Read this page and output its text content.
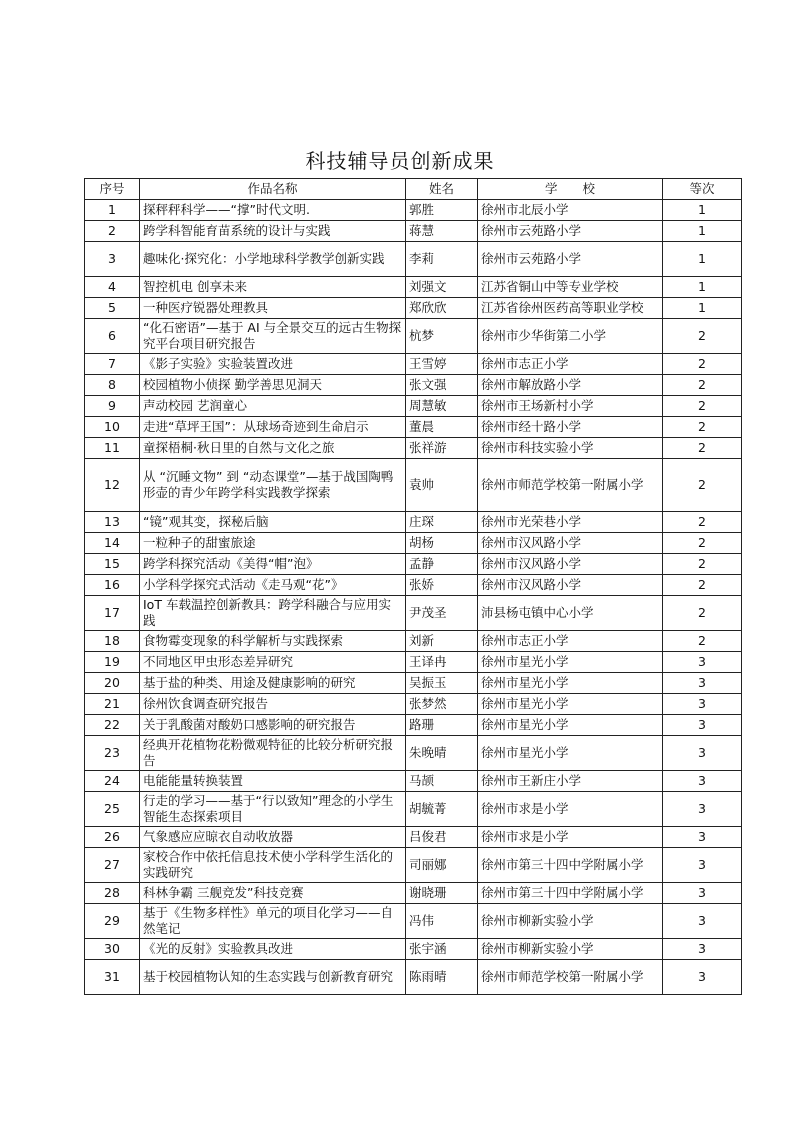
科技辅导员创新成果
序号	作品名称	姓名	学　　校	等次
1	探秤秤科学——“撑”时代文明.	郭胜	徐州市北辰小学	1
2	跨学科智能育苗系统的设计与实践	蒋慧	徐州市云苑路小学	1
3	趣味化·探究化：小学地球科学教学创新实践	李莉	徐州市云苑路小学	1
4	智控机电 创享未来	刘强文	江苏省铜山中等专业学校	1
5	一种医疗锐器处理教具	郑欣欣	江苏省徐州医药高等职业学校	1
6	“化石密语”—基于 AI 与全景交互的远古生物探究平台项目研究报告	杭梦	徐州市少华街第二小学	2
7	《影子实验》实验装置改进	王雪婷	徐州市志正小学	2
8	校园植物小侦探 勤学善思见洞天	张文强	徐州市解放路小学	2
9	声动校园 艺润童心	周慧敏	徐州市王场新村小学	2
10	走进“草坪王国”：从球场奇迹到生命启示	董晨	徐州市经十路小学	2
11	童探梧桐·秋日里的自然与文化之旅	张祥游	徐州市科技实验小学	2
12	从 “沉睡文物” 到 “动态课堂”—基于战国陶鸭形壶的青少年跨学科实践教学探索	袁帅	徐州市师范学校第一附属小学	2
13	“镜”观其变，探秘后脑	庄琛	徐州市光荣巷小学	2
14	一粒种子的甜蜜旅途	胡杨	徐州市汉风路小学	2
15	跨学科探究活动《美得“帽”泡》	孟静	徐州市汉风路小学	2
16	小学科学探究式活动《走马观“花”》	张娇	徐州市汉风路小学	2
17	IoT 车载温控创新教具：跨学科融合与应用实践	尹茂圣	沛县杨屯镇中心小学	2
18	食物霉变现象的科学解析与实践探索	刘新	徐州市志正小学	2
19	不同地区甲虫形态差异研究	王译冉	徐州市星光小学	3
20	基于盐的种类、用途及健康影响的研究	吴振玉	徐州市星光小学	3
21	徐州饮食调查研究报告	张梦然	徐州市星光小学	3
22	关于乳酸菌对酸奶口感影响的研究报告	路珊	徐州市星光小学	3
23	经典开花植物花粉微观特征的比较分析研究报告	朱晚晴	徐州市星光小学	3
24	电能能量转换装置	马颉	徐州市王新庄小学	3
25	行走的学习——基于“行以致知”理念的小学生智能生态探索项目	胡毓菁	徐州市求是小学	3
26	气象感应应晾衣自动收放器	吕俊君	徐州市求是小学	3
27	家校合作中依托信息技术使小学科学生活化的实践研究	司丽娜	徐州市第三十四中学附属小学	3
28	科林争霸 三舰竞发”科技竞赛	谢晓珊	徐州市第三十四中学附属小学	3
29	基于《生物多样性》单元的项目化学习——自然笔记	冯伟	徐州市柳新实验小学	3
30	《光的反射》实验教具改进	张宇涵	徐州市柳新实验小学	3
31	基于校园植物认知的生态实践与创新教育研究	陈雨晴	徐州市师范学校第一附属小学	3
